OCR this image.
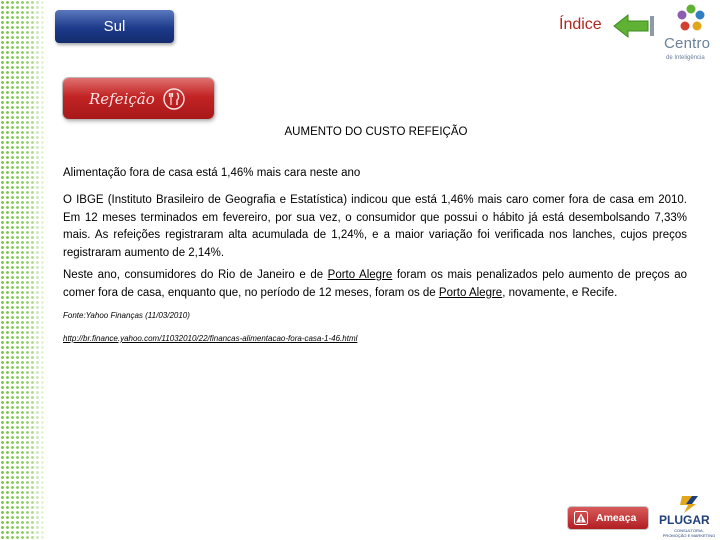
Sul	Índice
Centro
de Inteligência
Refeição
AUMENTO DO CUSTO REFEIÇÃO
Alimentação fora de casa está 1,46% mais cara neste ano

O IBGE (Instituto Brasileiro de Geografia e Estatística) indicou que está 1,46% mais caro comer fora de casa em 2010. Em 12 meses terminados em fevereiro, por sua vez, o consumidor que possui o hábito já está desembolsando 7,33% mais. As refeições registraram alta acumulada de 1,24%, e a maior variação foi verificada nos lanches, cujos preços registraram aumento de 2,14%.

Neste ano, consumidores do Rio de Janeiro e de Porto Alegre foram os mais penalizados pelo aumento de preços ao comer fora de casa, enquanto que, no período de 12 meses, foram os de Porto Alegre, novamente, e Recife.

Fonte:Yahoo Finanças (11/03/2010)
http://br.finance.yahoo.com/11032010/22/financas-alimentacao-fora-casa-1-46.html
Ameaça PLUGAR
CONSULTORIA, PROMOÇÃO E MARKETING
